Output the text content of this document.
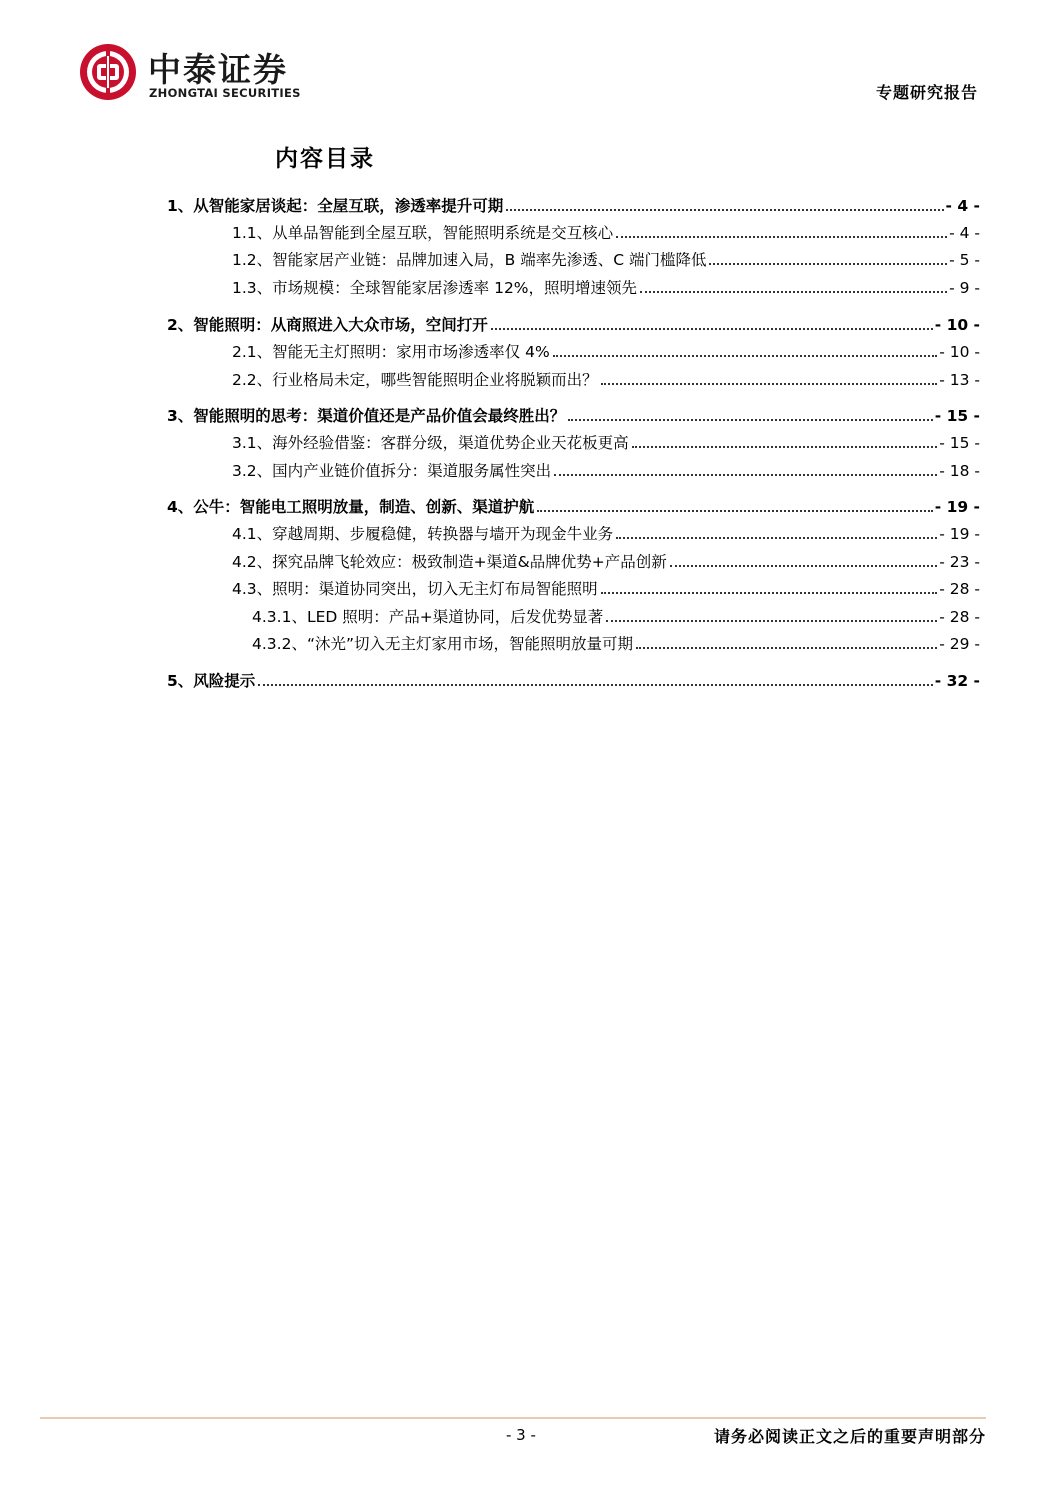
中泰证券
ZHONGTAI SECURITIES	专题研究报告
内容目录
1、从智能家居谈起：全屋互联，渗透率提升可期	- 4 -
1.1、从单品智能到全屋互联，智能照明系统是交互核心	- 4 -
1.2、智能家居产业链：品牌加速入局，B 端率先渗透、C 端门槛降低	- 5 -
1.3、市场规模：全球智能家居渗透率 12%，照明增速领先	- 9 -
2、智能照明：从商照进入大众市场，空间打开	- 10 -
2.1、智能无主灯照明：家用市场渗透率仅 4%	- 10 -
2.2、行业格局未定，哪些智能照明企业将脱颖而出？	- 13 -
3、智能照明的思考：渠道价值还是产品价值会最终胜出？	- 15 -
3.1、海外经验借鉴：客群分级，渠道优势企业天花板更高	- 15 -
3.2、国内产业链价值拆分：渠道服务属性突出	- 18 -
4、公牛：智能电工照明放量，制造、创新、渠道护航	- 19 -
4.1、穿越周期、步履稳健，转换器与墙开为现金牛业务	- 19 -
4.2、探究品牌飞轮效应：极致制造+渠道&品牌优势+产品创新	- 23 -
4.3、照明：渠道协同突出，切入无主灯布局智能照明	- 28 -
4.3.1、LED 照明：产品+渠道协同，后发优势显著	- 28 -
4.3.2、“沐光”切入无主灯家用市场，智能照明放量可期	- 29 -
5、风险提示	- 32 -
- 3 -	请务必阅读正文之后的重要声明部分
